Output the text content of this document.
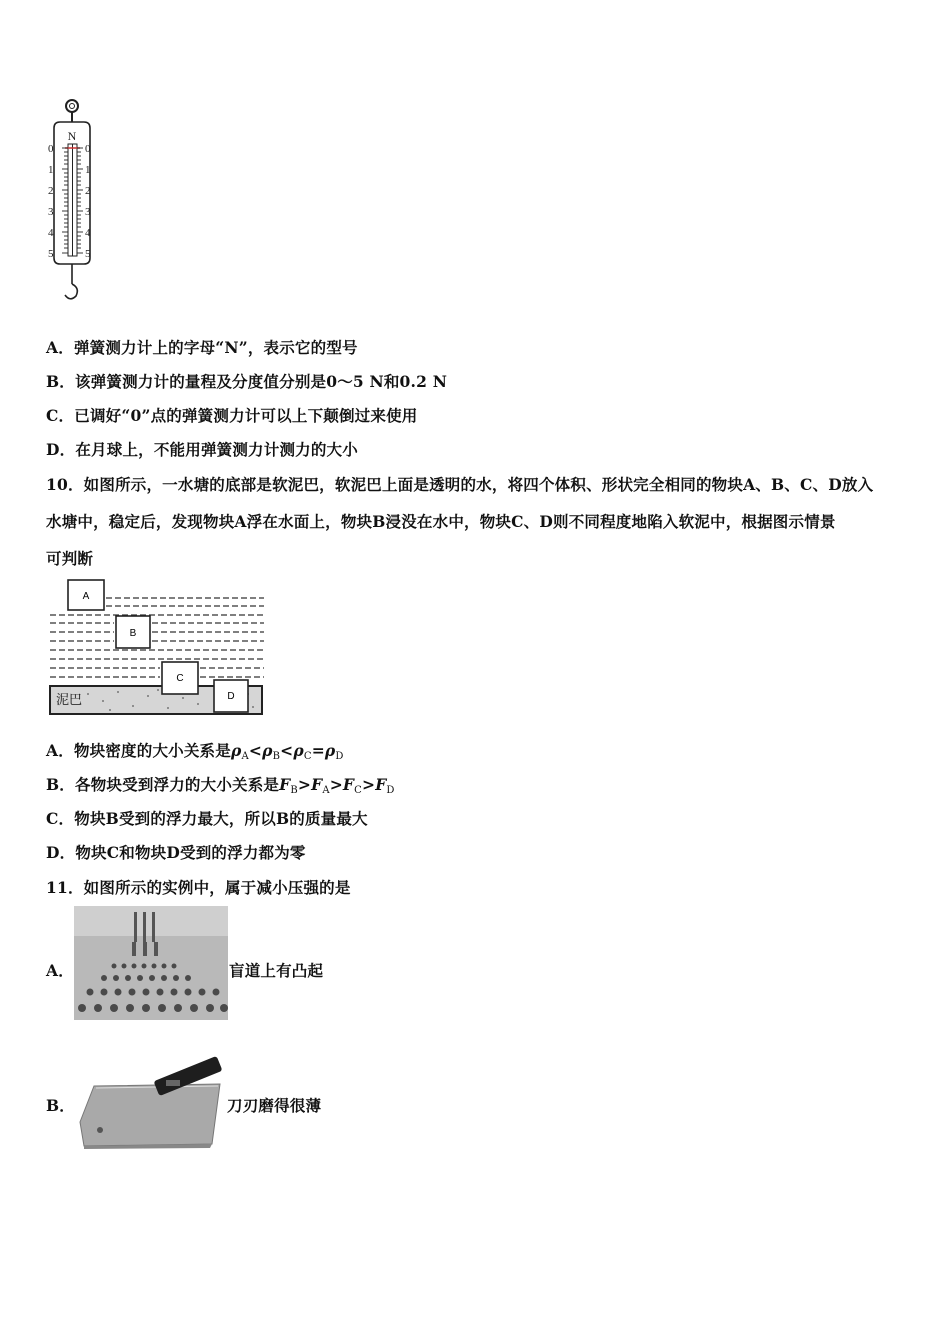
N
0
1
2
3
4
5
0
1
2
3
4
5
A．弹簧测力计上的字母“N”，表示它的型号
B．该弹簧测力计的量程及分度值分别是0～5 N和0.2 N
C．已调好“0”点的弹簧测力计可以上下颠倒过来使用
D．在月球上，不能用弹簧测力计测力的大小
10．如图所示，一水塘的底部是软泥巴，软泥巴上面是透明的水，将四个体积、形状完全相同的物块A、B、C、D放入
水塘中，稳定后，发现物块A浮在水面上，物块B浸没在水中，物块C、D则不同程度地陷入软泥中，根据图示情景
可判断
泥巴
A
B
C
D
A．物块密度的大小关系是$\rho_A<\rho_B<\rho_C=\rho_D$
B．各物块受到浮力的大小关系是$F_B>F_A>F_C>F_D$
C．物块B受到的浮力最大，所以B的质量最大
D．物块C和物块D受到的浮力都为零
11．如图所示的实例中，属于减小压强的是
A．	盲道上有凸起
B．	刀刃磨得很薄
